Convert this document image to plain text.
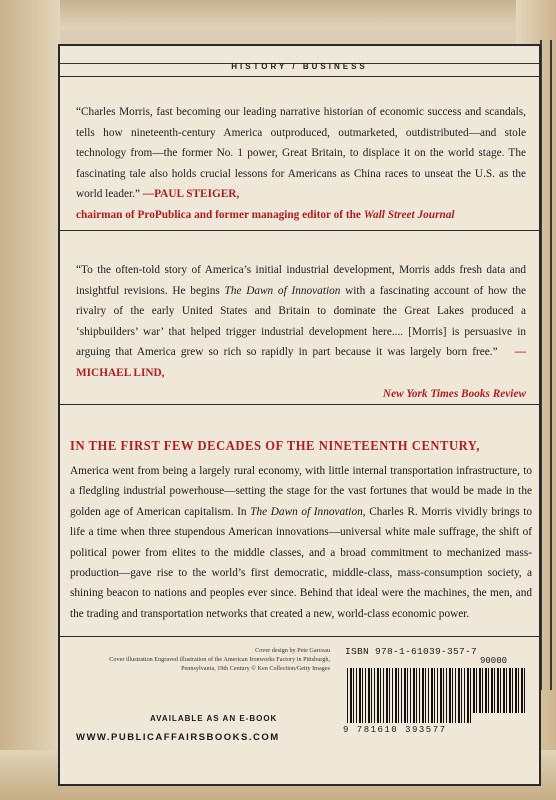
HISTORY / BUSINESS
“Charles Morris, fast becoming our leading narrative historian of economic success and scandals, tells how nineteenth-century America outproduced, outmarketed, outdistributed—and stole technology from—the former No. 1 power, Great Britain, to displace it on the world stage. The fascinating tale also holds crucial lessons for Americans as China races to unseat the U.S. as the world leader.” —PAUL STEIGER,
chairman of ProPublica and former managing editor of the Wall Street Journal
“To the often-told story of America’s initial industrial development, Morris adds fresh data and insightful revisions. He begins The Dawn of Innovation with a fascinating account of how the rivalry of the early United States and Britain to dominate the Great Lakes produced a ‘shipbuilders’ war’ that helped trigger industrial development here.... [Morris] is persuasive in arguing that America grew so rich so rapidly in part because it was largely born free.” —MICHAEL LIND,
New York Times Books Review
IN THE FIRST FEW DECADES OF THE NINETEENTH CENTURY,
America went from being a largely rural economy, with little internal transportation infrastructure, to a fledgling industrial powerhouse—setting the stage for the vast fortunes that would be made in the golden age of American capitalism. In The Dawn of Innovation, Charles R. Morris vividly brings to life a time when three stupendous American innovations—universal white male suffrage, the shift of political power from elites to the middle classes, and a broad commitment to mechanized mass-production—gave rise to the world’s first democratic, middle-class, mass-consumption society, a shining beacon to nations and peoples ever since. Behind that ideal were the machines, the men, and the trading and transportation networks that created a new, world-class economic power.
Cover design by Pete Garceau
Cover illustration Engraved illustration of the American Ironworks Factory in Pittsburgh, Pennsylvania, 19th Century © Ken Collection/Getty Images
AVAILABLE AS AN E-BOOK
WWW.PUBLICAFFAIRSBOOKS.COM
ISBN 978-1-61039-357-7
90000
9 781610 393577
